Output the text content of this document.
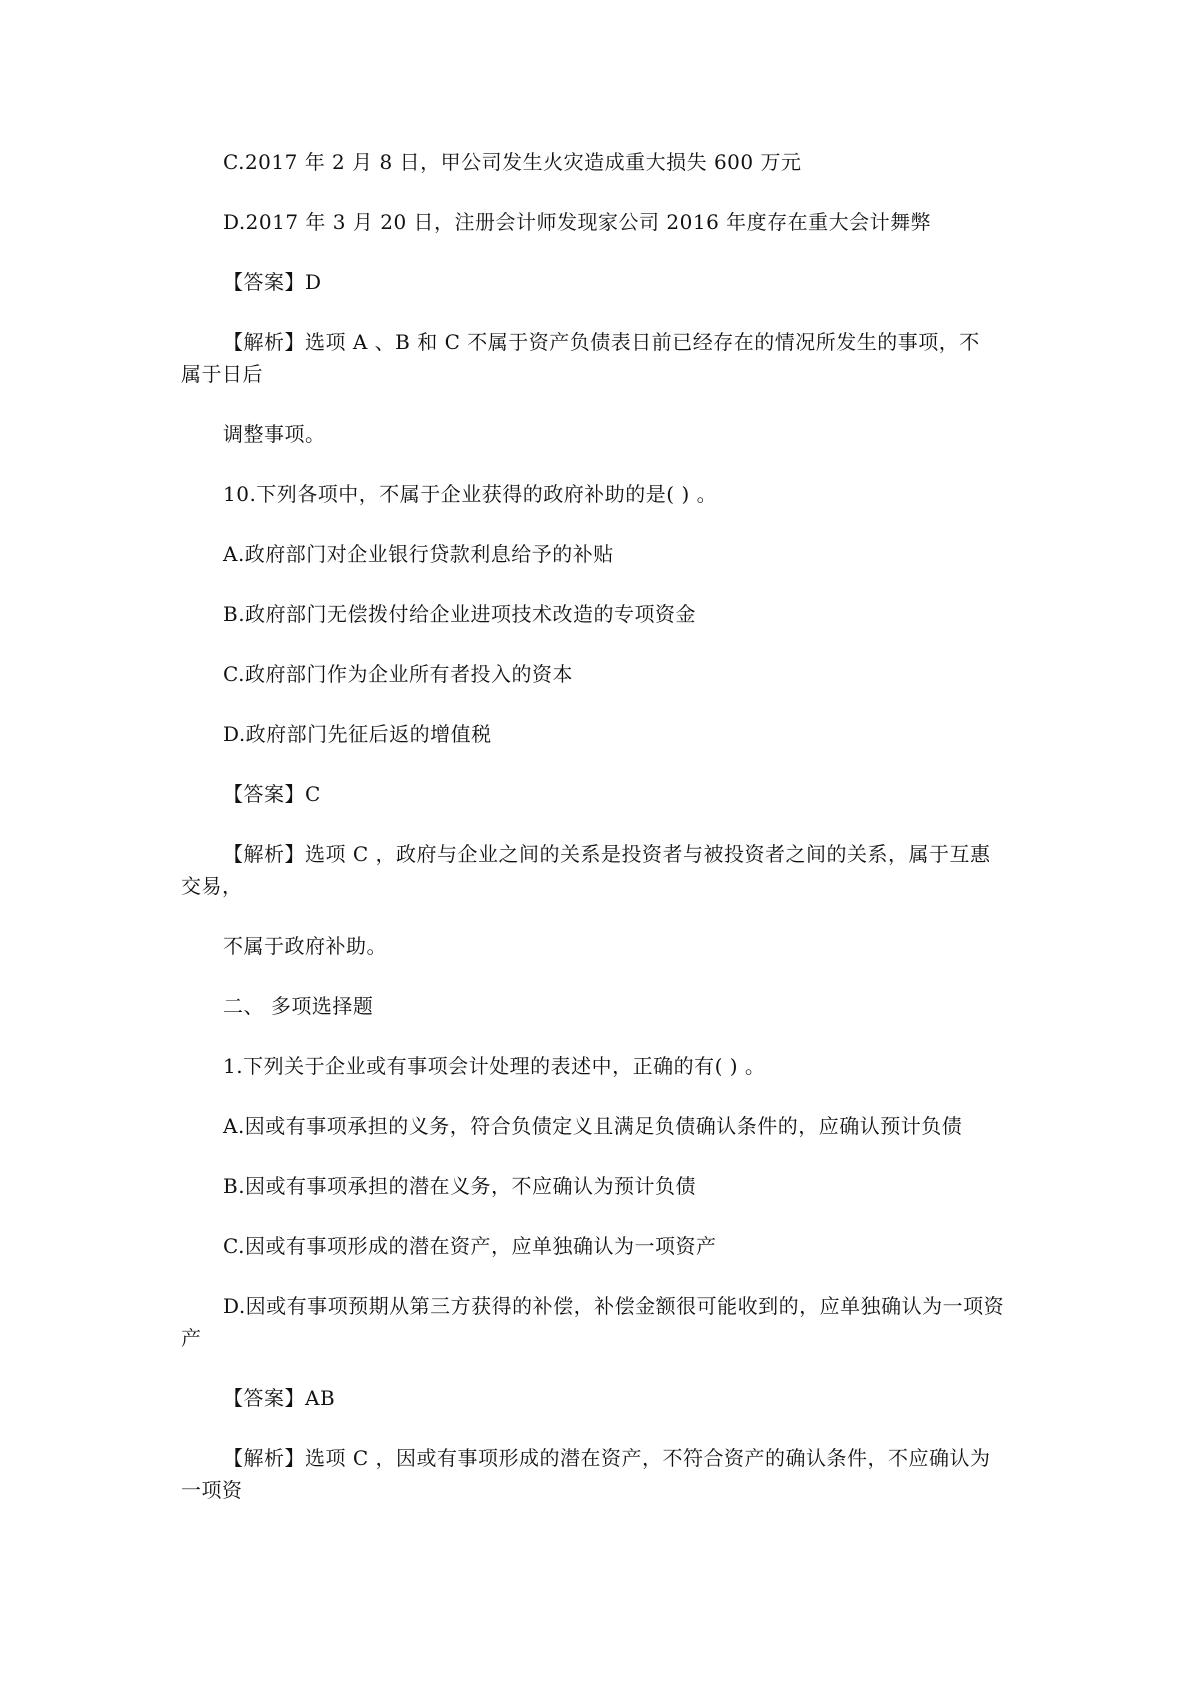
C.2017 年 2 月 8 日，甲公司发生火灾造成重大损失 600 万元
D.2017 年 3 月 20 日，注册会计师发现家公司 2016 年度存在重大会计舞弊
【答案】D
【解析】选项 A 、B 和 C 不属于资产负债表日前已经存在的情况所发生的事项，不
属于日后
调整事项。
10.下列各项中，不属于企业获得的政府补助的是( ) 。
A.政府部门对企业银行贷款利息给予的补贴
B.政府部门无偿拨付给企业进项技术改造的专项资金
C.政府部门作为企业所有者投入的资本
D.政府部门先征后返的增值税
【答案】C
【解析】选项 C ，政府与企业之间的关系是投资者与被投资者之间的关系，属于互惠
交易，
不属于政府补助。
二、 多项选择题
1.下列关于企业或有事项会计处理的表述中，正确的有( ) 。
A.因或有事项承担的义务，符合负债定义且满足负债确认条件的，应确认预计负债
B.因或有事项承担的潜在义务，不应确认为预计负债
C.因或有事项形成的潜在资产，应单独确认为一项资产
D.因或有事项预期从第三方获得的补偿，补偿金额很可能收到的，应单独确认为一项资
产
【答案】AB
【解析】选项 C ，因或有事项形成的潜在资产，不符合资产的确认条件，不应确认为
一项资
